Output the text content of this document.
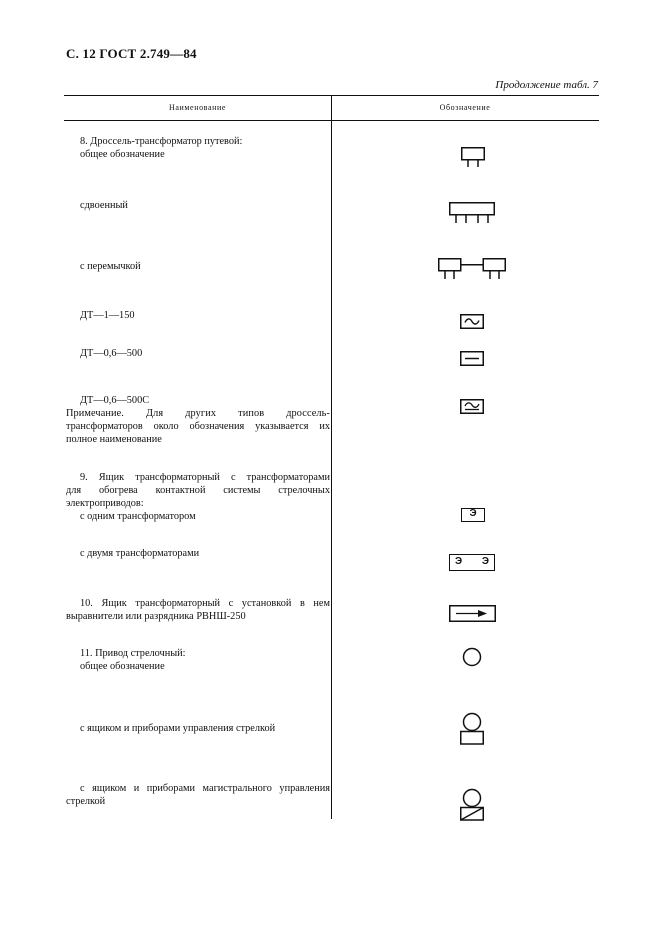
С. 12 ГОСТ 2.749—84
Продолжение табл. 7
Наименование	Обозначение
8. Дроссель-трансформатор путевой:
общее обозначение
сдвоенный
с перемычкой
ДТ—1—150
ДТ—0,6—500
ДТ—0,6—500С
Примечание. Для других типов дроссель-
трансформаторов около обозначения указывается их
полное наименование
9. Ящик трансформаторный с трансформаторами
для обогрева контактной системы стрелочных
электроприводов:
с одним трансформатором
с двумя трансформаторами
10. Ящик трансформаторный с установкой в нем
выравнители или разрядника РВНШ-250
11. Привод стрелочный:
общее обозначение
с ящиком и приборами управления стрелкой
с ящиком и приборами магистрального управления
стрелкой
Э
Э Э
